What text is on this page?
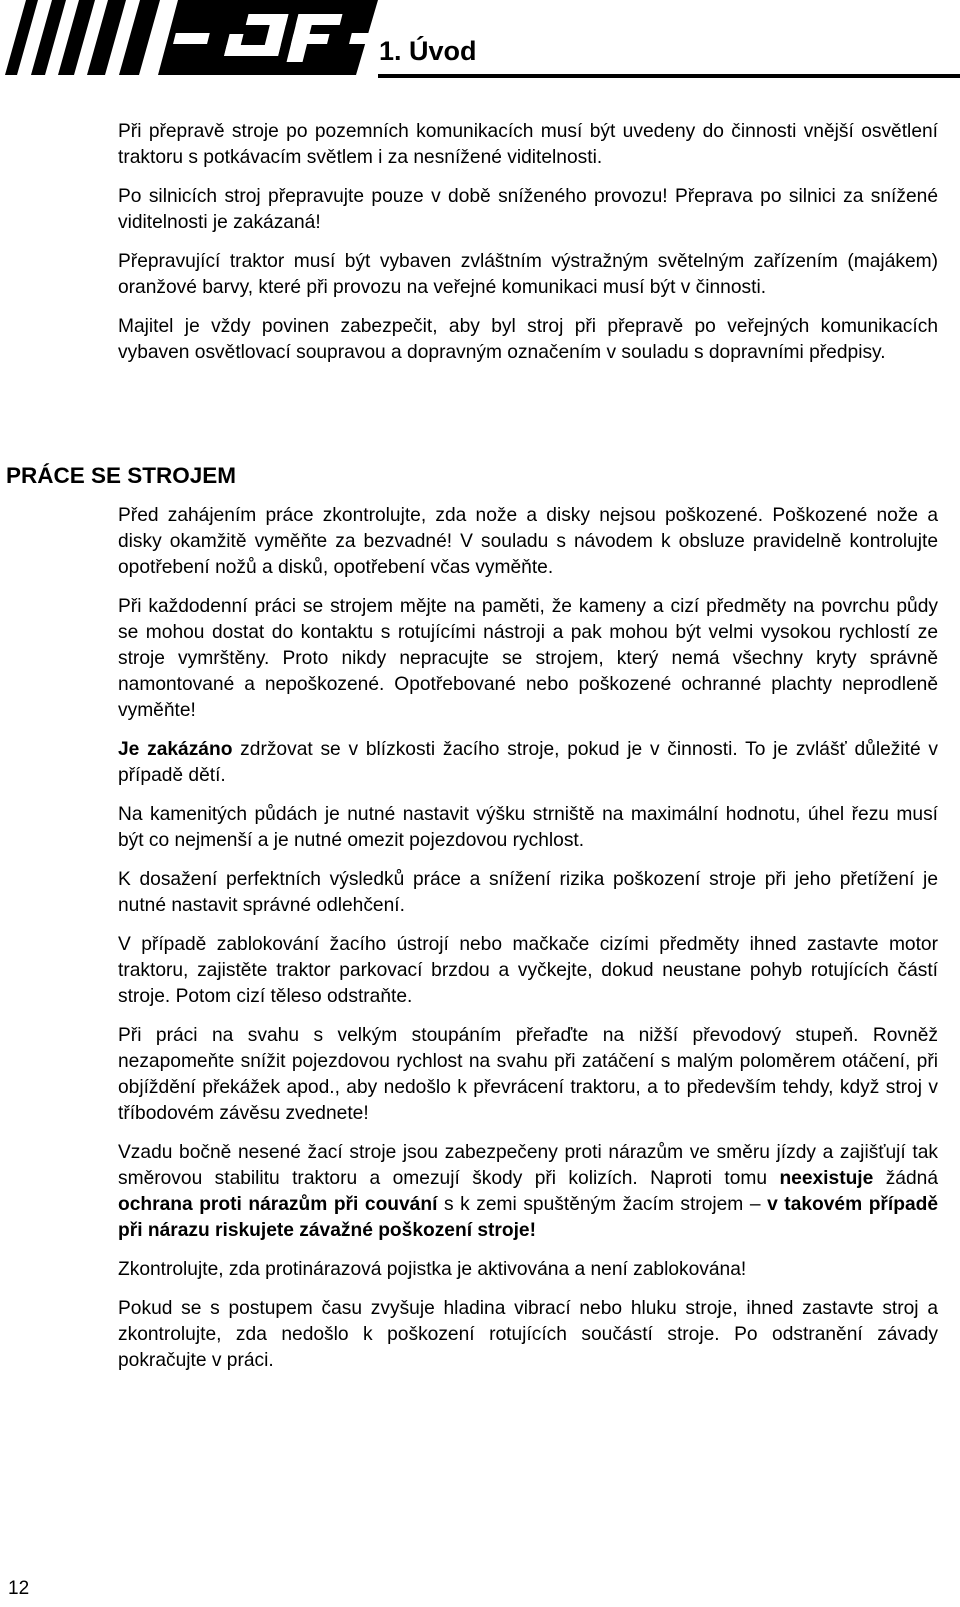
1. Úvod

Při přepravě stroje po pozemních komunikacích musí být uvedeny do činnosti vnější osvětlení traktoru s potkávacím světlem i za nesnížené viditelnosti.

Po silnicích stroj přepravujte pouze v době sníženého provozu! Přeprava po silnici za snížené viditelnosti je zakázaná!

Přepravující traktor musí být vybaven zvláštním výstražným světelným zařízením (majákem) oranžové barvy, které při provozu na veřejné komunikaci musí být v činnosti.

Majitel je vždy povinen zabezpečit, aby byl stroj při přepravě po veřejných komunikacích vybaven osvětlovací soupravou a dopravným označením v souladu s dopravními předpisy.

PRÁCE SE STROJEM

Před zahájením práce zkontrolujte, zda nože a disky nejsou poškozené. Poškozené nože a disky okamžitě vyměňte za bezvadné! V souladu s návodem k obsluze pravidelně kontrolujte opotřebení nožů a disků, opotřebení včas vyměňte.

Při každodenní práci se strojem mějte na paměti, že kameny a cizí předměty na povrchu půdy se mohou dostat do kontaktu s rotujícími nástroji a pak mohou být velmi vysokou rychlostí ze stroje vymrštěny. Proto nikdy nepracujte se strojem, který nemá všechny kryty správně namontované a nepoškozené. Opotřebované nebo poškozené ochranné plachty neprodleně vyměňte!

Je zakázáno zdržovat se v blízkosti žacího stroje, pokud je v činnosti. To je zvlášť důležité v případě dětí.

Na kamenitých půdách je nutné nastavit výšku strniště na maximální hodnotu, úhel řezu musí být co nejmenší a je nutné omezit pojezdovou rychlost.

K dosažení perfektních výsledků práce a snížení rizika poškození stroje při jeho přetížení je nutné nastavit správné odlehčení.

V případě zablokování žacího ústrojí nebo mačkače cizími předměty ihned zastavte motor traktoru, zajistěte traktor parkovací brzdou a vyčkejte, dokud neustane pohyb rotujících částí stroje. Potom cizí těleso odstraňte.

Při práci na svahu s velkým stoupáním přeřaďte na nižší převodový stupeň. Rovněž nezapomeňte snížit pojezdovou rychlost na svahu při zatáčení s malým poloměrem otáčení, při objíždění překážek apod., aby nedošlo k převrácení traktoru, a to především tehdy, když stroj v tříbodovém závěsu zvednete!

Vzadu bočně nesené žací stroje jsou zabezpečeny proti nárazům ve směru jízdy a zajišťují tak směrovou stabilitu traktoru a omezují škody při kolizích. Naproti tomu neexistuje žádná ochrana proti nárazům při couvání s k zemi spuštěným žacím strojem – v takovém případě při nárazu riskujete závažné poškození stroje!

Zkontrolujte, zda protinárazová pojistka je aktivována a není zablokována!

Pokud se s postupem času zvyšuje hladina vibrací nebo hluku stroje, ihned zastavte stroj a zkontrolujte, zda nedošlo k poškození rotujících součástí stroje. Po odstranění závady pokračujte v práci.

12
